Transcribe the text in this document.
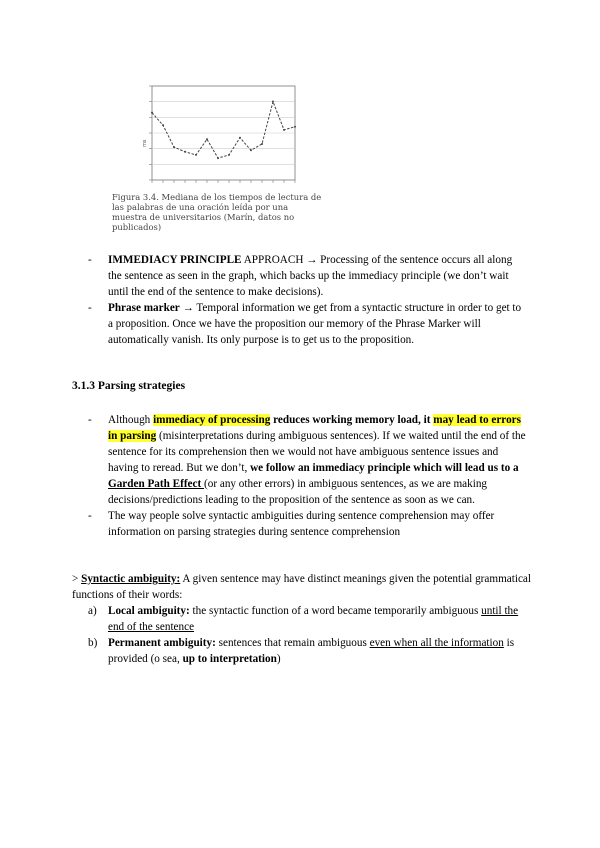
ms
Figura 3.4. Mediana de los tiempos de lectura de las palabras de una oración leída por una muestra de universitarios (Marín, datos no publicados)
- IMMEDIACY PRINCIPLE APPROACH → Processing of the sentence occurs all along the sentence as seen in the graph, which backs up the immediacy principle (we don’t wait until the end of the sentence to make decisions).
- Phrase marker → Temporal information we get from a syntactic structure in order to get to a proposition. Once we have the proposition our memory of the Phrase Marker will automatically vanish. Its only purpose is to get us to the proposition.
3.1.3 Parsing strategies
- Although immediacy of processing reduces working memory load, it may lead to errors in parsing (misinterpretations during ambiguous sentences). If we waited until the end of the sentence for its comprehension then we would not have ambiguous sentence issues and having to reread. But we don’t, we follow an immediacy principle which will lead us to a Garden Path Effect (or any other errors) in ambiguous sentences, as we are making decisions/predictions leading to the proposition of the sentence as soon as we can.
- The way people solve syntactic ambiguities during sentence comprehension may offer information on parsing strategies during sentence comprehension
> Syntactic ambiguity: A given sentence may have distinct meanings given the potential grammatical functions of their words:
a) Local ambiguity: the syntactic function of a word became temporarily ambiguous until the end of the sentence
b) Permanent ambiguity: sentences that remain ambiguous even when all the information is provided (o sea, up to interpretation)
